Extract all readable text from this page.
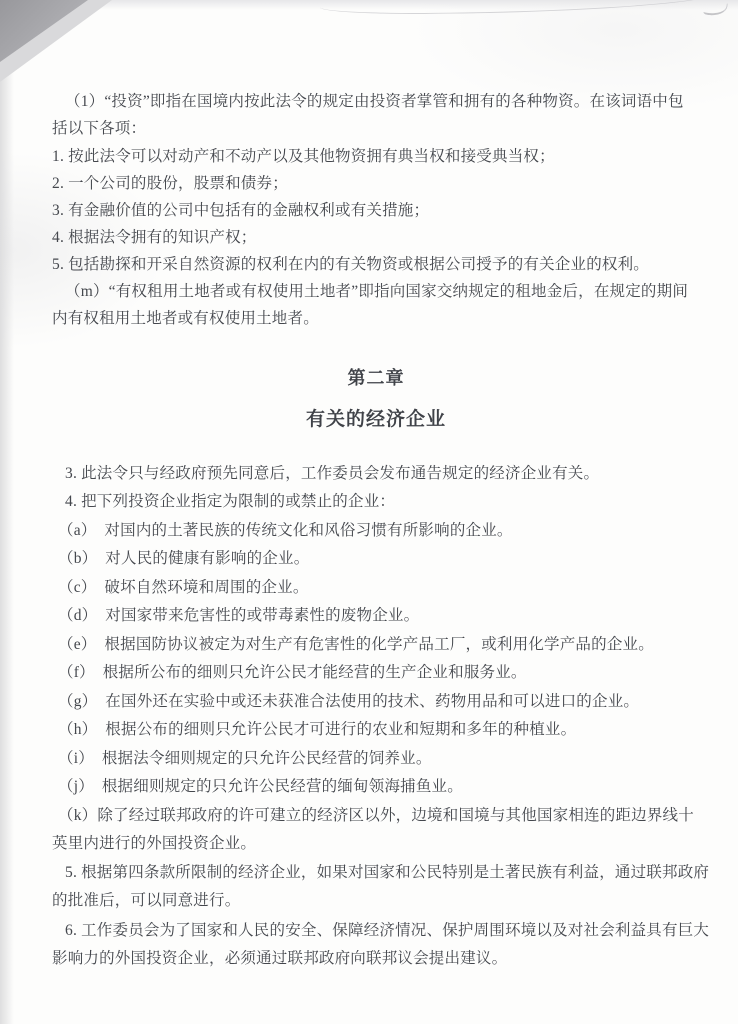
（1）“投资”即指在国境内按此法令的规定由投资者掌管和拥有的各种物资。在该词语中包

括以下各项：

1. 按此法令可以对动产和不动产以及其他物资拥有典当权和接受典当权；

2. 一个公司的股份，股票和债券；

3. 有金融价值的公司中包括有的金融权利或有关措施；

4. 根据法令拥有的知识产权；

5. 包括勘探和开采自然资源的权利在内的有关物资或根据公司授予的有关企业的权利。

（m）“有权租用土地者或有权使用土地者”即指向国家交纳规定的租地金后，在规定的期间

内有权租用土地者或有权使用土地者。

第二章
有关的经济企业

3. 此法令只与经政府预先同意后，工作委员会发布通告规定的经济企业有关。

4. 把下列投资企业指定为限制的或禁止的企业：

（a）　对国内的土著民族的传统文化和风俗习惯有所影响的企业。

（b）　对人民的健康有影响的企业。

（c）　破坏自然环境和周围的企业。

（d）　对国家带来危害性的或带毒素性的废物企业。

（e）　根据国防协议被定为对生产有危害性的化学产品工厂，或利用化学产品的企业。

（f）　根据所公布的细则只允许公民才能经营的生产企业和服务业。

（g）　在国外还在实验中或还未获准合法使用的技术、药物用品和可以进口的企业。

（h）　根据公布的细则只允许公民才可进行的农业和短期和多年的种植业。

（i）　根据法令细则规定的只允许公民经营的饲养业。

（j）　根据细则规定的只允许公民经营的缅甸领海捕鱼业。

（k）除了经过联邦政府的许可建立的经济区以外，边境和国境与其他国家相连的距边界线十

英里内进行的外国投资企业。

5. 根据第四条款所限制的经济企业，如果对国家和公民特别是土著民族有利益，通过联邦政府

的批准后，可以同意进行。

6. 工作委员会为了国家和人民的安全、保障经济情况、保护周围环境以及对社会利益具有巨大

影响力的外国投资企业，必须通过联邦政府向联邦议会提出建议。
